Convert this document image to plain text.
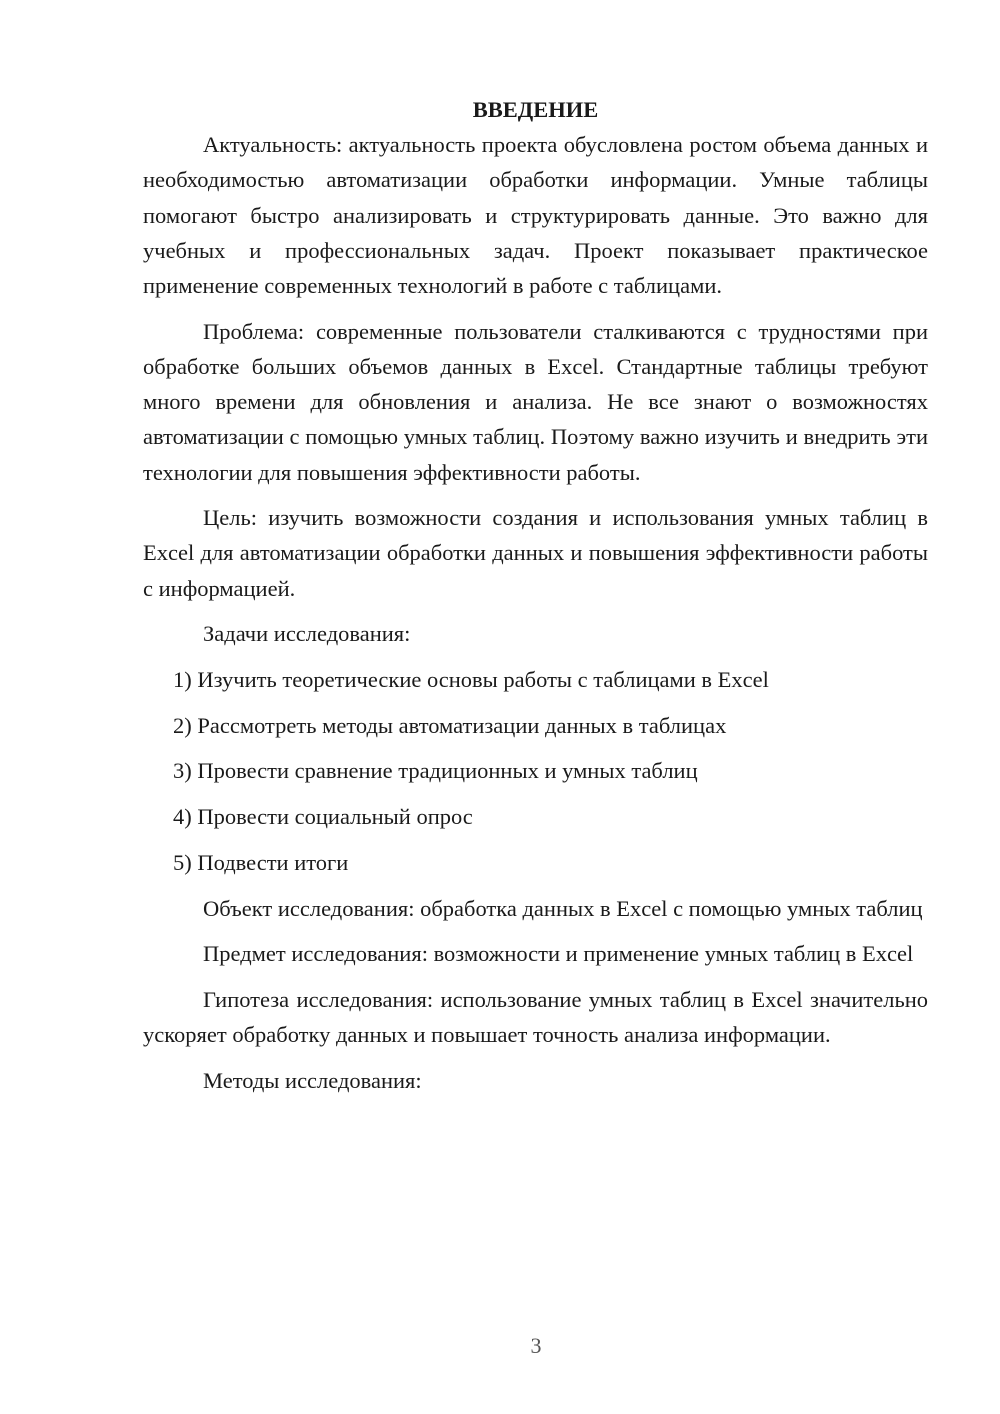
ВВЕДЕНИЕ

Актуальность: актуальность проекта обусловлена ростом объема данных и необходимостью автоматизации обработки информации. Умные таблицы помогают быстро анализировать и структурировать данные. Это важно для учебных и профессиональных задач. Проект показывает практическое применение современных технологий в работе с таблицами.

Проблема: современные пользователи сталкиваются с трудностями при обработке больших объемов данных в Excel. Стандартные таблицы требуют много времени для обновления и анализа. Не все знают о возможностях автоматизации с помощью умных таблиц. Поэтому важно изучить и внедрить эти технологии для повышения эффективности работы.

Цель: изучить возможности создания и использования умных таблиц в Excel для автоматизации обработки данных и повышения эффективности работы с информацией.

Задачи исследования:

1) Изучить теоретические основы работы с таблицами в Excel
2) Рассмотреть методы автоматизации данных в таблицах
3) Провести сравнение традиционных и умных таблиц
4) Провести социальный опрос
5) Подвести итоги

Объект исследования: обработка данных в Excel с помощью умных таблиц

Предмет исследования: возможности и применение умных таблиц в Excel

Гипотеза исследования: использование умных таблиц в Excel значительно ускоряет обработку данных и повышает точность анализа информации.

Методы исследования:

3
